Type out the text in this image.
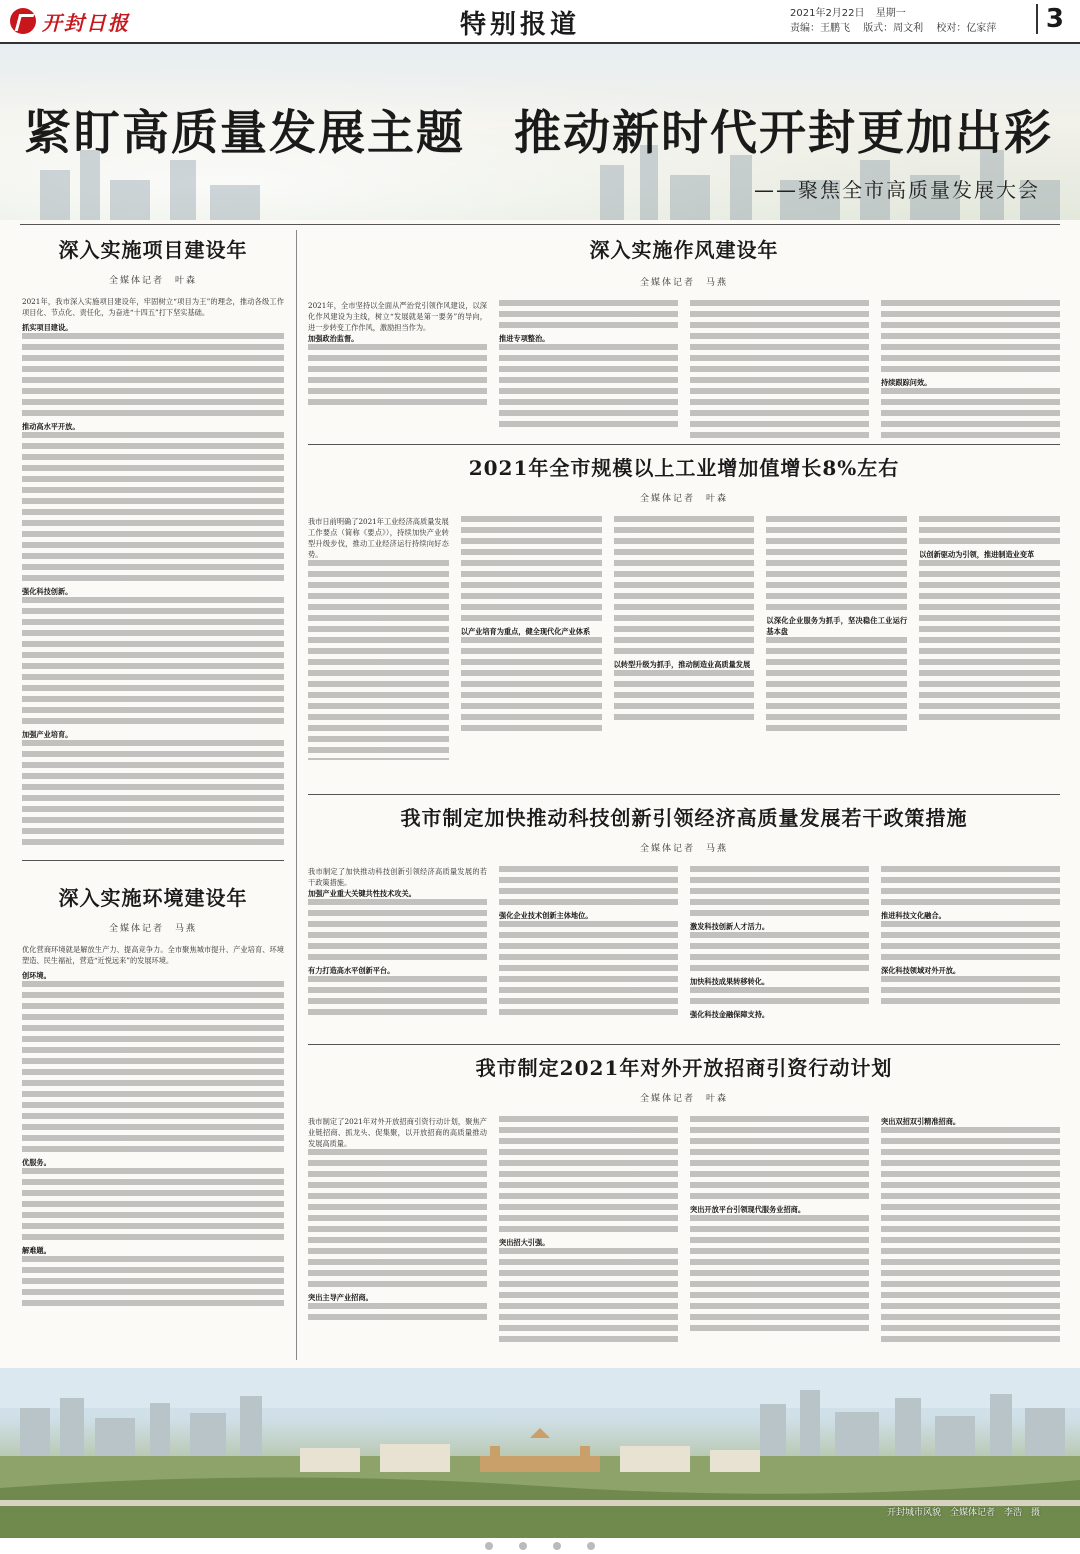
开封日报	特别报道	2021年2月22日 星期一
责编：王鹏飞 版式：周文利 校对：亿家萍	3
紧盯高质量发展主题　推动新时代开封更加出彩
——聚焦全市高质量发展大会
深入实施项目建设年
全媒体记者　叶森
2021年，我市深入实施项目建设年，牢固树立“项目为王”的理念，推动各级工作项目化、节点化、责任化，为奋进“十四五”打下坚实基础。
抓实项目建设。
推动高水平开放。
强化科技创新。
加强产业培育。
深入实施作风建设年
全媒体记者　马燕
2021年，全市坚持以全面从严治党引领作风建设，以深化作风建设为主线，树立“发展就是第一要务”的导向，进一步转变工作作风，激励担当作为。
加强政治监督。	推进专项整治。
持续跟踪问效。
2021年全市规模以上工业增加值增长8%左右
全媒体记者　叶森
我市日前明确了2021年工业经济高质量发展工作要点（简称《要点》），持续加快产业转型升级步伐，推动工业经济运行持续向好态势。
以产业培育为重点，健全现代化产业体系
以转型升级为抓手，推动制造业高质量发展
以深化企业服务为抓手，坚决稳住工业运行基本盘
以创新驱动为引领，推进制造业变革
我市制定加快推动科技创新引领经济高质量发展若干政策措施
全媒体记者　马燕
我市制定了加快推动科技创新引领经济高质量发展的若干政策措施。
加强产业重大关键共性技术攻关。
有力打造高水平创新平台。
强化企业技术创新主体地位。
激发科技创新人才活力。
加快科技成果转移转化。
强化科技金融保障支持。
推进科技文化融合。
深化科技领域对外开放。
深入实施环境建设年
全媒体记者　马燕
优化营商环境就是解放生产力、提高竞争力。全市聚焦城市提升、产业培育、环境塑造、民生福祉，营造“近悦远来”的发展环境。
创环境。
优服务。
解难题。
我市制定2021年对外开放招商引资行动计划
全媒体记者　叶森
我市制定了2021年对外开放招商引资行动计划，聚焦产业链招商、抓龙头、促集聚，以开放招商的高质量推动发展高质量。
突出主导产业招商。
突出招大引强。
突出开放平台引领现代服务业招商。
突出双招双引精准招商。
开封城市风貌　全媒体记者　李浩　摄
